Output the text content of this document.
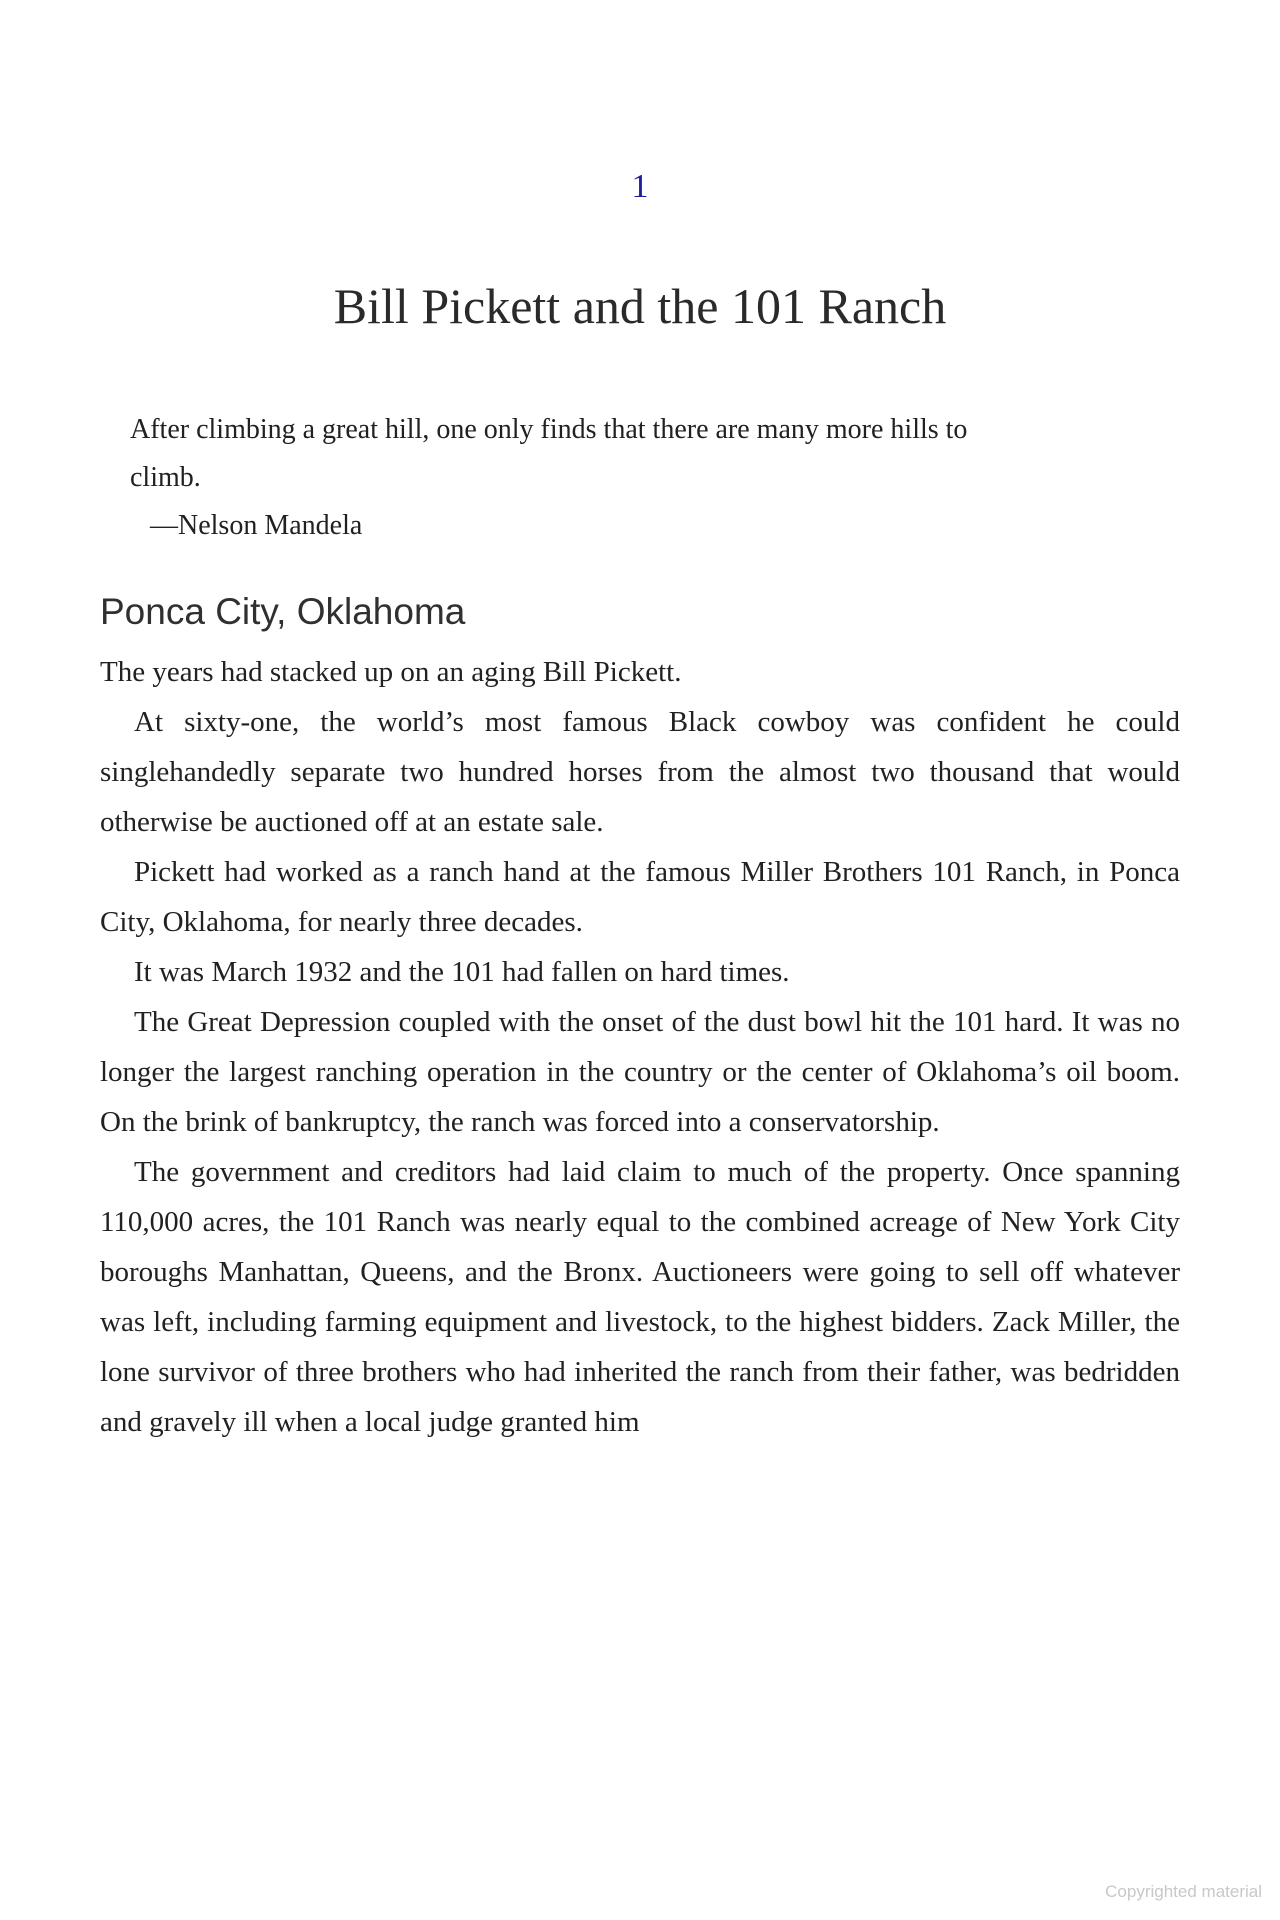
1
Bill Pickett and the 101 Ranch

After climbing a great hill, one only finds that there are many more hills to climb.

—Nelson Mandela

Ponca City, Oklahoma

The years had stacked up on an aging Bill Pickett.

At sixty-one, the world’s most famous Black cowboy was confident he could singlehandedly separate two hundred horses from the almost two thousand that would otherwise be auctioned off at an estate sale.

Pickett had worked as a ranch hand at the famous Miller Brothers 101 Ranch, in Ponca City, Oklahoma, for nearly three decades.

It was March 1932 and the 101 had fallen on hard times.

The Great Depression coupled with the onset of the dust bowl hit the 101 hard. It was no longer the largest ranching operation in the country or the center of Oklahoma’s oil boom. On the brink of bankruptcy, the ranch was forced into a conservatorship.

The government and creditors had laid claim to much of the property. Once spanning 110,000 acres, the 101 Ranch was nearly equal to the combined acreage of New York City boroughs Manhattan, Queens, and the Bronx. Auctioneers were going to sell off whatever was left, including farming equipment and livestock, to the highest bidders. Zack Miller, the lone survivor of three brothers who had inherited the ranch from their father, was bedridden and gravely ill when a local judge granted him

Copyrighted material
